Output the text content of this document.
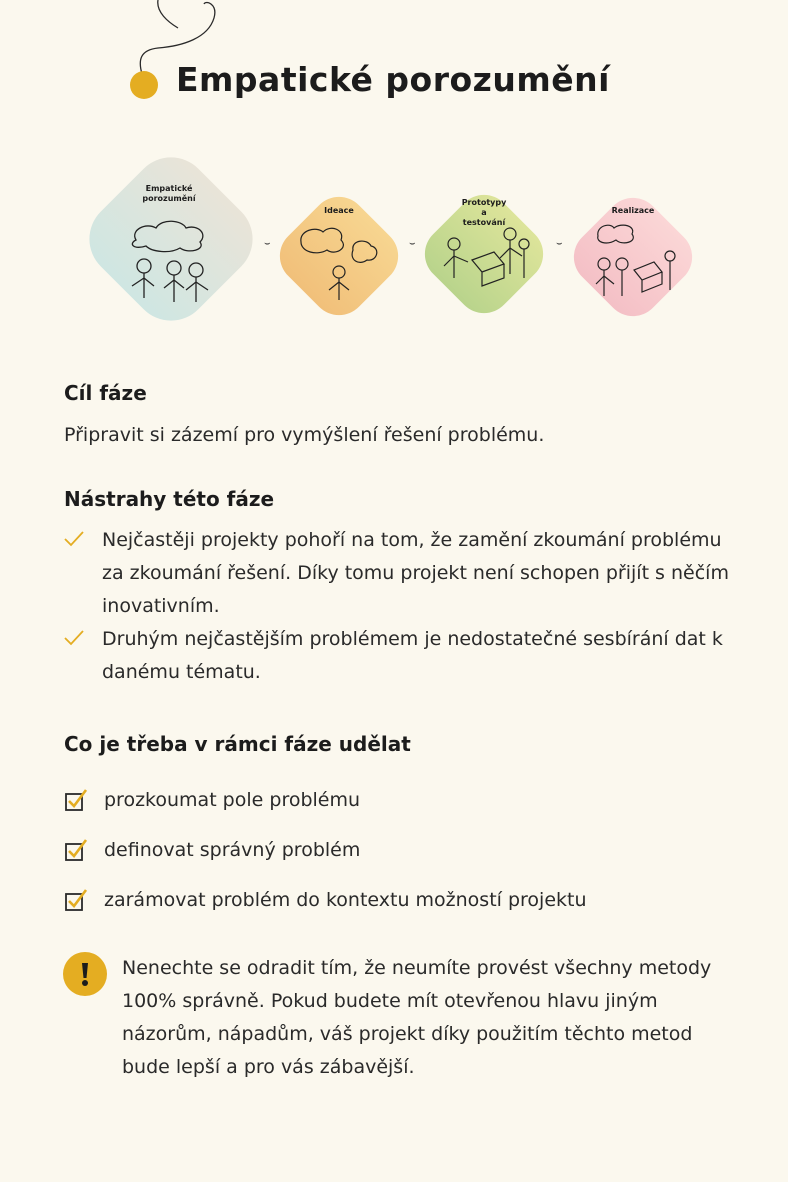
Empatické porozumění
Empatické porozumění
⌣
Ideace
⌣
Prototypy a testování
⌣
Realizace
Cíl fáze

Připravit si zázemí pro vymýšlení řešení problému.

Nástrahy této fáze
Nejčastěji projekty pohoří na tom, že zamění zkoumání problému za zkoumání řešení. Díky tomu projekt není schopen přijít s něčím inovativním.
Druhým nejčastějším problémem je nedostatečné sesbírání dat k danému tématu.
Co je třeba v rámci fáze udělat
prozkoumat pole problému
definovat správný problém
zarámovat problém do kontextu možností projektu

Nenechte se odradit tím, že neumíte provést všechny metody 100% správně. Pokud budete mít otevřenou hlavu jiným názorům, nápadům, váš projekt díky použitím těchto metod bude lepší a pro vás zábavější.
